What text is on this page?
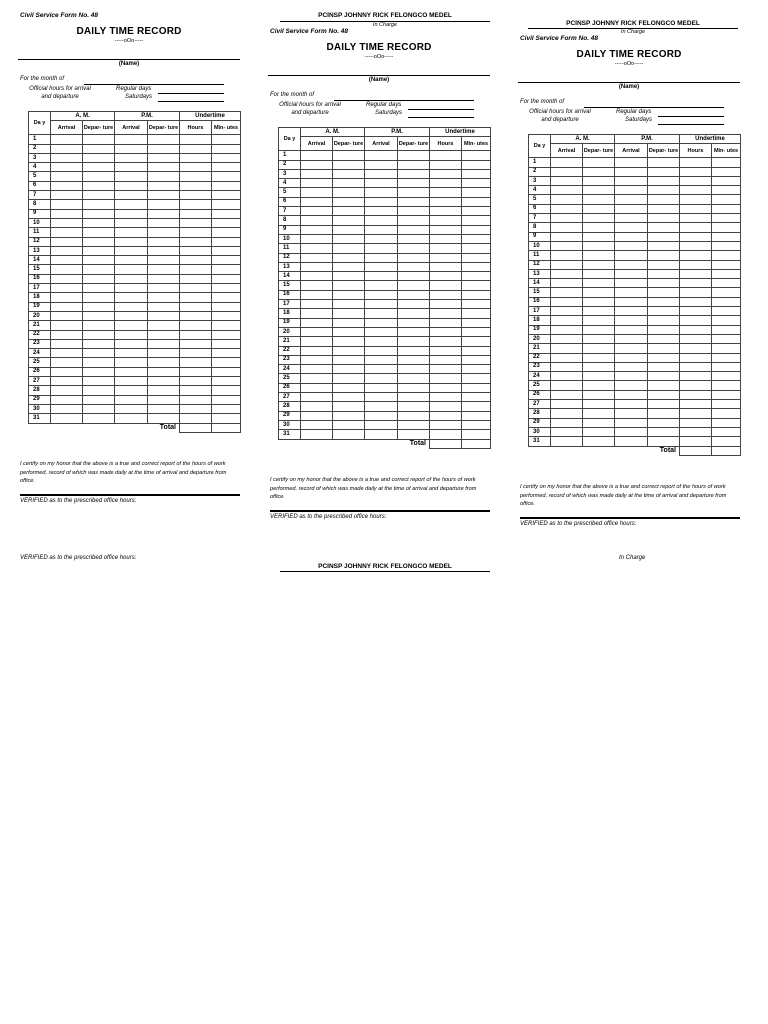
PCINSP JOHNNY RICK FELONGCO MEDEL
In Charge	PCINSP JOHNNY RICK FELONGCO MEDEL
In Charge
Civil Service Form No. 48
DAILY TIME RECORD
-----oOo-----
(Name)
For the month of
Official hours for arrival
and departure
Regular days
Saturdays
Da y	A. M.		P.M.		Undertime	
	Arrival	Depar- ture	Arrival	Depar- ture	Hours	Min- utes
1						
2						
3						
4						
5						
6						
7						
8						
9						
10						
11						
12						
13						
14						
15						
16						
17						
18						
19						
20						
21						
22						
23						
24						
25						
26						
27						
28						
29						
30						
31						
Total						
I certify on my honor that the above is a true and correct report of the hours of work performed, record of which was made daily at the time of arrival and departure from office.
VERIFIED as to the prescribed office hours:
Civil Service Form No. 48
DAILY TIME RECORD
-----oOo-----
(Name)
For the month of
Official hours for arrival
and departure
Regular days
Saturdays
Da y	A. M.		P.M.		Undertime	
	Arrival	Depar- ture	Arrival	Depar- ture	Hours	Min- utes
1						
2						
3						
4						
5						
6						
7						
8						
9						
10						
11						
12						
13						
14						
15						
16						
17						
18						
19						
20						
21						
22						
23						
24						
25						
26						
27						
28						
29						
30						
31						
Total						
I certify on my honor that the above is a true and correct report of the hours of work performed, record of which was made daily at the time of arrival and departure from office.
VERIFIED as to the prescribed office hours:
Civil Service Form No. 48
DAILY TIME RECORD
-----oOo-----
(Name)
For the month of
Official hours for arrival
and departure
Regular days
Saturdays
Da y	A. M.		P.M.		Undertime	
	Arrival	Depar- ture	Arrival	Depar- ture	Hours	Min- utes
1						
2						
3						
4						
5						
6						
7						
8						
9						
10						
11						
12						
13						
14						
15						
16						
17						
18						
19						
20						
21						
22						
23						
24						
25						
26						
27						
28						
29						
30						
31						
Total						
I certify on my honor that the above is a true and correct report of the hours of work performed, record of which was made daily at the time of arrival and departure from office.
VERIFIED as to the prescribed office hours:
VERIFIED as to the prescribed office hours:
PCINSP JOHNNY RICK FELONGCO MEDEL
In Charge
